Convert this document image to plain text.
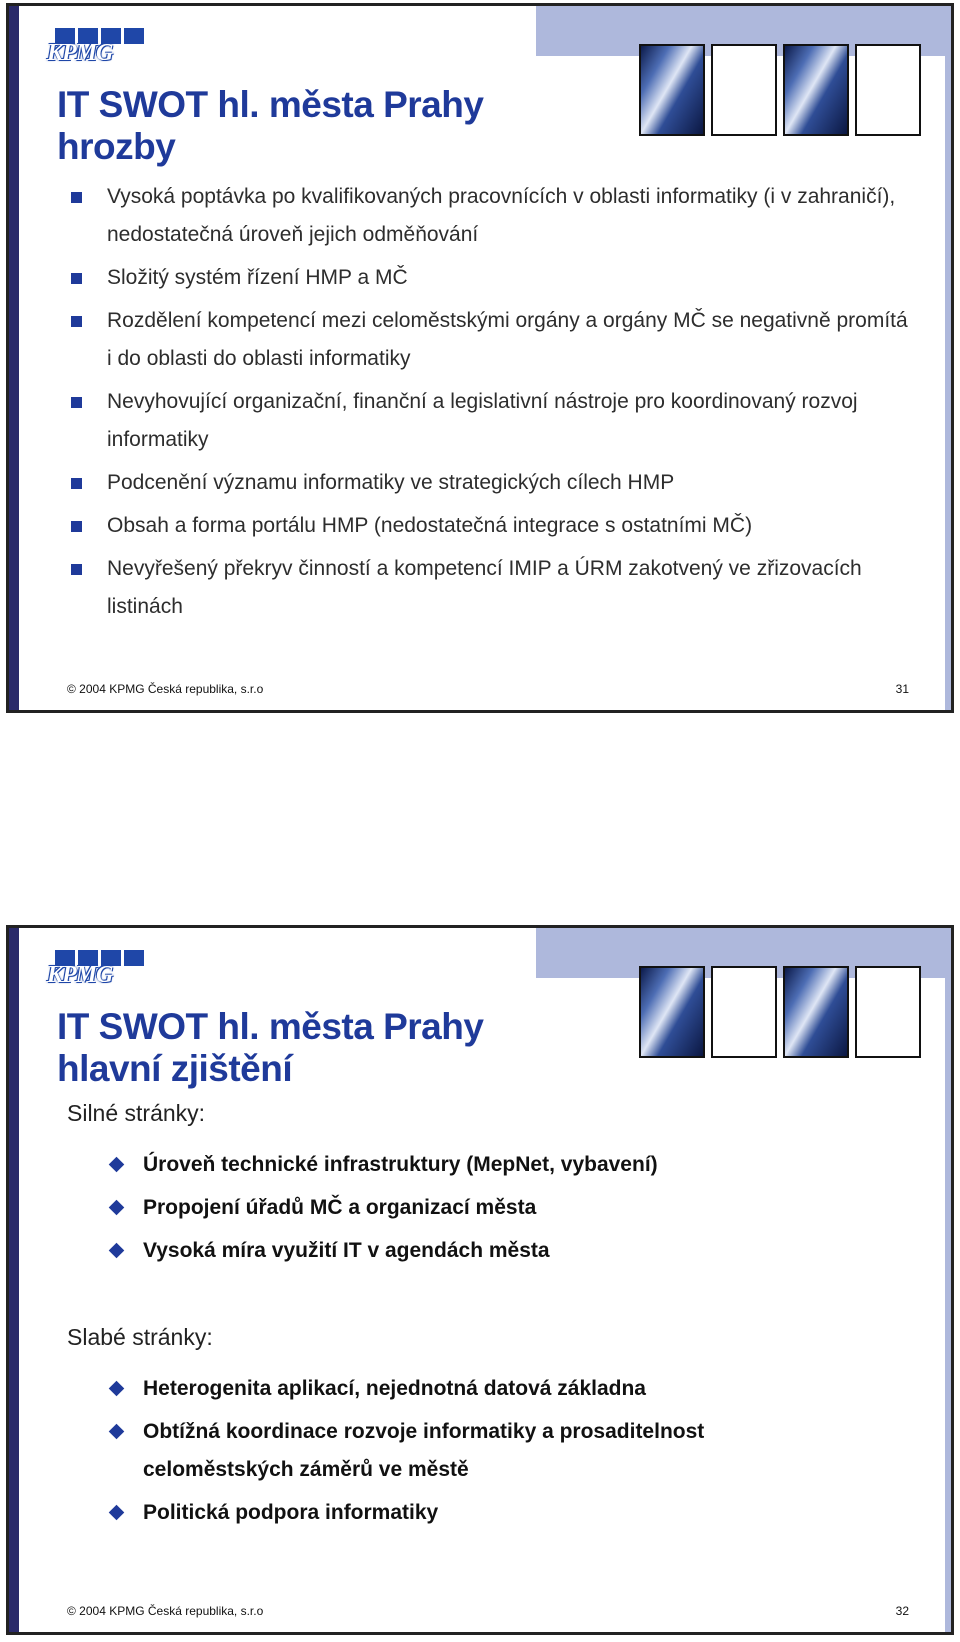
KPMG
IT SWOT hl. města Prahy
hrozby
Vysoká poptávka po kvalifikovaných pracovnících v oblasti informatiky (i v zahraničí), nedostatečná úroveň jejich odměňování
Složitý systém řízení HMP a MČ
Rozdělení kompetencí mezi celoměstskými orgány a orgány MČ se negativně promítá i do oblasti do oblasti informatiky
Nevyhovující organizační, finanční a legislativní nástroje pro koordinovaný rozvoj informatiky
Podcenění významu informatiky ve strategických cílech HMP
Obsah a forma portálu HMP (nedostatečná integrace s ostatními MČ)
Nevyřešený překryv činností a kompetencí IMIP a ÚRM zakotvený ve zřizovacích listinách
© 2004 KPMG Česká republika, s.r.o	31
KPMG
IT SWOT hl. města Prahy
hlavní zjištění
Silné stránky:
Úroveň technické infrastruktury (MepNet, vybavení)
Propojení úřadů MČ a organizací města
Vysoká míra využití IT v agendách města
Slabé stránky:
Heterogenita aplikací, nejednotná datová základna
Obtížná koordinace rozvoje informatiky a prosaditelnost celoměstských záměrů ve městě
Politická podpora informatiky
© 2004 KPMG Česká republika, s.r.o	32
